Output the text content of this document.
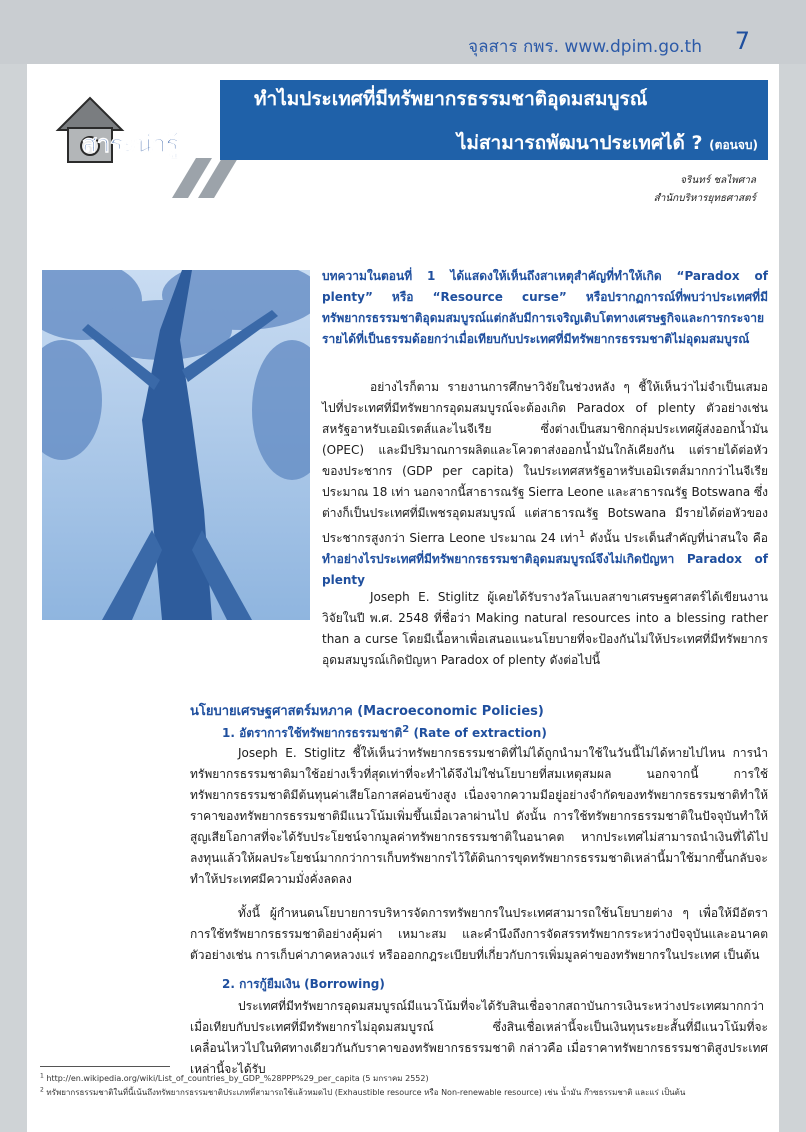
จุลสาร กพร. www.dpim.go.th 7
สาระน่ารู้
ทำไมประเทศที่มีทรัพยากรธรรมชาติอุดมสมบูรณ์
ไม่สามารถพัฒนาประเทศได้ ? (ตอนจบ)
จรินทร์ ชลไพศาล
สำนักบริหารยุทธศาสตร์
บทความในตอนที่ 1 ได้แสดงให้เห็นถึงสาเหตุสำคัญที่ทำให้เกิด “Paradox of plenty” หรือ “Resource curse” หรือปรากฏการณ์ที่พบว่าประเทศที่มีทรัพยากรธรรมชาติอุดมสมบูรณ์แต่กลับมีการเจริญเติบโตทางเศรษฐกิจและการกระจายรายได้ที่เป็นธรรมด้อยกว่าเมื่อเทียบกับประเทศที่มีทรัพยากรธรรมชาติไม่อุดมสมบูรณ์
อย่างไรก็ตาม รายงานการศึกษาวิจัยในช่วงหลัง ๆ ชี้ให้เห็นว่าไม่จำเป็นเสมอไปที่ประเทศที่มีทรัพยากรอุดมสมบูรณ์จะต้องเกิด Paradox of plenty ตัวอย่างเช่น สหรัฐอาหรับเอมิเรตส์และไนจีเรีย ซึ่งต่างเป็นสมาชิกกลุ่มประเทศผู้ส่งออกน้ำมัน (OPEC) และมีปริมาณการผลิตและโควตาส่งออกน้ำมันใกล้เคียงกัน แต่รายได้ต่อหัวของประชากร (GDP per capita) ในประเทศสหรัฐอาหรับเอมิเรตส์มากกว่าไนจีเรียประมาณ 18 เท่า นอกจากนี้สาธารณรัฐ Sierra Leone และสาธารณรัฐ Botswana ซึ่งต่างก็เป็นประเทศที่มีเพชรอุดมสมบูรณ์ แต่สาธารณรัฐ Botswana มีรายได้ต่อหัวของประชากรสูงกว่า Sierra Leone ประมาณ 24 เท่า$^1$ ดังนั้น ประเด็นสำคัญที่น่าสนใจ คือ ทำอย่างไรประเทศที่มีทรัพยากรธรรมชาติอุดมสมบูรณ์จึงไม่เกิดปัญหา Paradox of plenty
Joseph E. Stiglitz ผู้เคยได้รับรางวัลโนเบลสาขาเศรษฐศาสตร์ได้เขียนงานวิจัยในปี พ.ศ. 2548 ที่ชื่อว่า Making natural resources into a blessing rather than a curse โดยมีเนื้อหาเพื่อเสนอแนะนโยบายที่จะป้องกันไม่ให้ประเทศที่มีทรัพยากรอุดมสมบูรณ์เกิดปัญหา Paradox of plenty ดังต่อไปนี้
นโยบายเศรษฐศาสตร์มหภาค (Macroeconomic Policies)
1. อัตราการใช้ทรัพยากรธรรมชาติ$^2$ (Rate of extraction)
Joseph E. Stiglitz ชี้ให้เห็นว่าทรัพยากรธรรมชาติที่ไม่ได้ถูกนำมาใช้ในวันนี้ไม่ได้หายไปไหน การนำทรัพยากรธรรมชาติมาใช้อย่างเร็วที่สุดเท่าที่จะทำได้จึงไม่ใช่นโยบายที่สมเหตุสมผล นอกจากนี้ การใช้ทรัพยากรธรรมชาติมีต้นทุนค่าเสียโอกาสค่อนข้างสูง เนื่องจากความมีอยู่อย่างจำกัดของทรัพยากรธรรมชาติทำให้ราคาของทรัพยากรธรรมชาติมีแนวโน้มเพิ่มขึ้นเมื่อเวลาผ่านไป ดังนั้น การใช้ทรัพยากรธรรมชาติในปัจจุบันทำให้สูญเสียโอกาสที่จะได้รับประโยชน์จากมูลค่าทรัพยากรธรรมชาติในอนาคต หากประเทศไม่สามารถนำเงินที่ได้ไปลงทุนแล้วให้ผลประโยชน์มากกว่าการเก็บทรัพยากรไว้ใต้ดินการขุดทรัพยากรธรรมชาติเหล่านี้มาใช้มากขึ้นกลับจะทำให้ประเทศมีความมั่งคั่งลดลง
ทั้งนี้ ผู้กำหนดนโยบายการบริหารจัดการทรัพยากรในประเทศสามารถใช้นโยบายต่าง ๆ เพื่อให้มีอัตราการใช้ทรัพยากรธรรมชาติอย่างคุ้มค่า เหมาะสม และคำนึงถึงการจัดสรรทรัพยากรระหว่างปัจจุบันและอนาคต ตัวอย่างเช่น การเก็บค่าภาคหลวงแร่ หรือออกกฎระเบียบที่เกี่ยวกับการเพิ่มมูลค่าของทรัพยากรในประเทศ เป็นต้น
2. การกู้ยืมเงิน (Borrowing)
ประเทศที่มีทรัพยากรอุดมสมบูรณ์มีแนวโน้มที่จะได้รับสินเชื่อจากสถาบันการเงินระหว่างประเทศมากกว่าเมื่อเทียบกับประเทศที่มีทรัพยากรไม่อุดมสมบูรณ์ ซึ่งสินเชื่อเหล่านี้จะเป็นเงินทุนระยะสั้นที่มีแนวโน้มที่จะเคลื่อนไหวไปในทิศทางเดียวกันกับราคาของทรัพยากรธรรมชาติ กล่าวคือ เมื่อราคาทรัพยากรธรรมชาติสูงประเทศเหล่านี้จะได้รับ
$^1$ http://en.wikipedia.org/wiki/List_of_countries_by_GDP_%28PPP%29_per_capita (5 มกราคม 2552)
$^2$ ทรัพยากรธรรมชาติในที่นี้เน้นถึงทรัพยากรธรรมชาติประเภทที่สามารถใช้แล้วหมดไป (Exhaustible resource หรือ Non-renewable resource) เช่น น้ำมัน ก๊าซธรรมชาติ และแร่ เป็นต้น
